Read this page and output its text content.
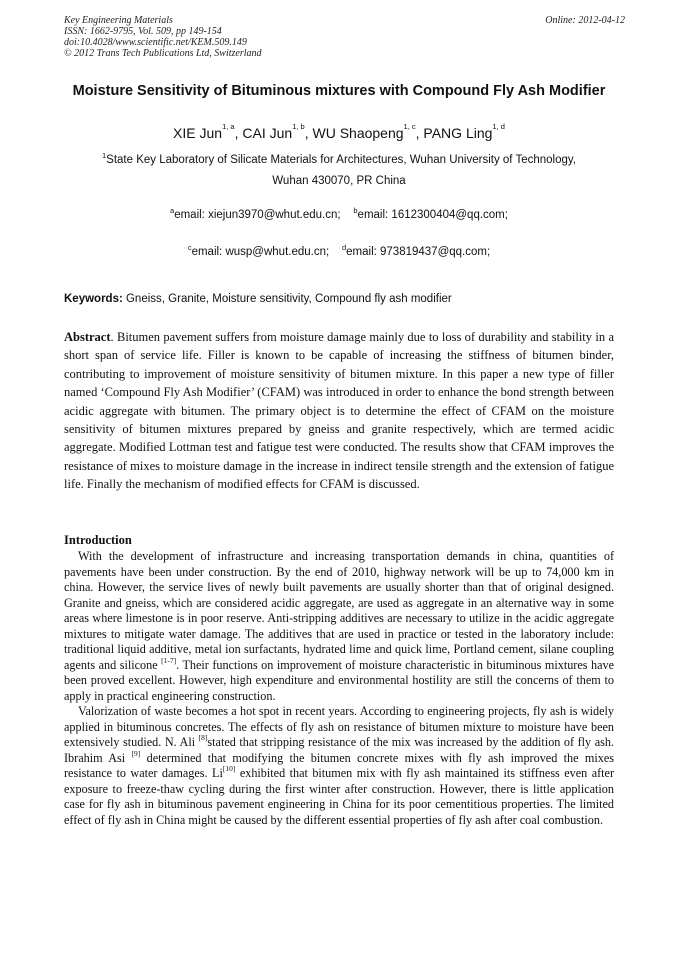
Key Engineering Materials
ISSN: 1662-9795, Vol. 509, pp 149-154
doi:10.4028/www.scientific.net/KEM.509.149
© 2012 Trans Tech Publications Ltd, Switzerland
Online: 2012-04-12
Moisture Sensitivity of Bituminous mixtures with Compound Fly Ash Modifier
XIE Jun$^{1, a}$, CAI Jun$^{1, b}$, WU Shaopeng$^{1, c}$, PANG Ling$^{1, d}$
$^1$State Key Laboratory of Silicate Materials for Architectures, Wuhan University of Technology,
Wuhan 430070, PR China
$^a$email: xiejun3970@whut.edu.cn; $^b$email: 1612300404@qq.com;
$^c$email: wusp@whut.edu.cn; $^d$email: 973819437@qq.com;
Keywords: Gneiss, Granite, Moisture sensitivity, Compound fly ash modifier

Abstract. Bitumen pavement suffers from moisture damage mainly due to loss of durability and stability in a short span of service life. Filler is known to be capable of increasing the stiffness of bitumen binder, contributing to improvement of moisture sensitivity of bitumen mixture. In this paper a new type of filler named ‘Compound Fly Ash Modifier’ (CFAM) was introduced in order to enhance the bond strength between acidic aggregate with bitumen. The primary object is to determine the effect of CFAM on the moisture sensitivity of bitumen mixtures prepared by gneiss and granite respectively, which are termed acidic aggregate. Modified Lottman test and fatigue test were conducted. The results show that CFAM improves the resistance of mixes to moisture damage in the increase in indirect tensile strength and the extension of fatigue life. Finally the mechanism of modified effects for CFAM is discussed.

Introduction

With the development of infrastructure and increasing transportation demands in china, quantities of pavements have been under construction. By the end of 2010, highway network will be up to 74,000 km in china. However, the service lives of newly built pavements are usually shorter than that of original designed. Granite and gneiss, which are considered acidic aggregate, are used as aggregate in an alternative way in some areas where limestone is in poor reserve. Anti-stripping additives are necessary to utilize in the acidic aggregate mixtures to mitigate water damage. The additives that are used in practice or tested in the laboratory include: traditional liquid additive, metal ion surfactants, hydrated lime and quick lime, Portland cement, silane coupling agents and silicone [1-7]. Their functions on improvement of moisture characteristic in bituminous mixtures have been proved excellent. However, high expenditure and environmental hostility are still the concerns of them to apply in practical engineering construction.

Valorization of waste becomes a hot spot in recent years. According to engineering projects, fly ash is widely applied in bituminous concretes. The effects of fly ash on resistance of bitumen mixture to moisture have been extensively studied. N. Ali [8]stated that stripping resistance of the mix was increased by the addition of fly ash. Ibrahim Asi [9] determined that modifying the bitumen concrete mixes with fly ash improved the mixes resistance to water damages. Li[10] exhibited that bitumen mix with fly ash maintained its stiffness even after exposure to freeze-thaw cycling during the first winter after construction. However, there is little application case for fly ash in bituminous pavement engineering in China for its poor cementitious properties. The limited effect of fly ash in China might be caused by the different essential properties of fly ash after coal combustion.
